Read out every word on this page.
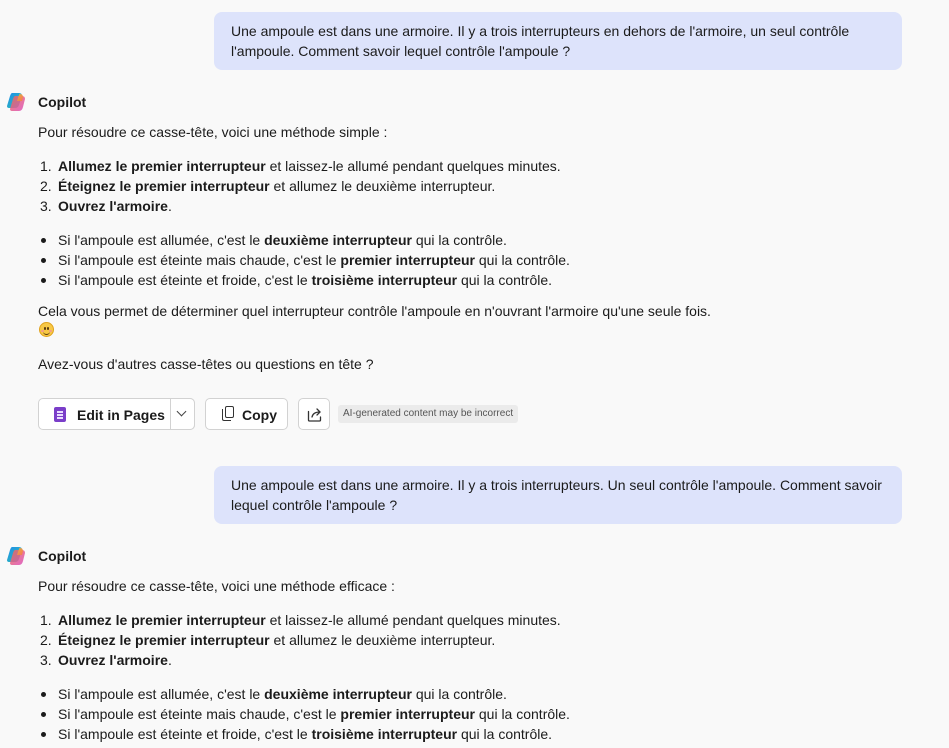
Une ampoule est dans une armoire. Il y a trois interrupteurs en dehors de l'armoire, un seul contrôle l'ampoule. Comment savoir lequel contrôle l'ampoule ?
Copilot
Pour résoudre ce casse-tête, voici une méthode simple :
1. Allumez le premier interrupteur et laissez-le allumé pendant quelques minutes.
2. Éteignez le premier interrupteur et allumez le deuxième interrupteur.
3. Ouvrez l'armoire.
Si l'ampoule est allumée, c'est le deuxième interrupteur qui la contrôle.
Si l'ampoule est éteinte mais chaude, c'est le premier interrupteur qui la contrôle.
Si l'ampoule est éteinte et froide, c'est le troisième interrupteur qui la contrôle.
Cela vous permet de déterminer quel interrupteur contrôle l'ampoule en n'ouvrant l'armoire qu'une seule fois.
Avez-vous d'autres casse-têtes ou questions en tête ?
Edit in Pages	Copy	AI-generated content may be incorrect
Une ampoule est dans une armoire. Il y a trois interrupteurs. Un seul contrôle l'ampoule. Comment savoir lequel contrôle l'ampoule ?
Copilot
Pour résoudre ce casse-tête, voici une méthode efficace :
1. Allumez le premier interrupteur et laissez-le allumé pendant quelques minutes.
2. Éteignez le premier interrupteur et allumez le deuxième interrupteur.
3. Ouvrez l'armoire.
Si l'ampoule est allumée, c'est le deuxième interrupteur qui la contrôle.
Si l'ampoule est éteinte mais chaude, c'est le premier interrupteur qui la contrôle.
Si l'ampoule est éteinte et froide, c'est le troisième interrupteur qui la contrôle.
